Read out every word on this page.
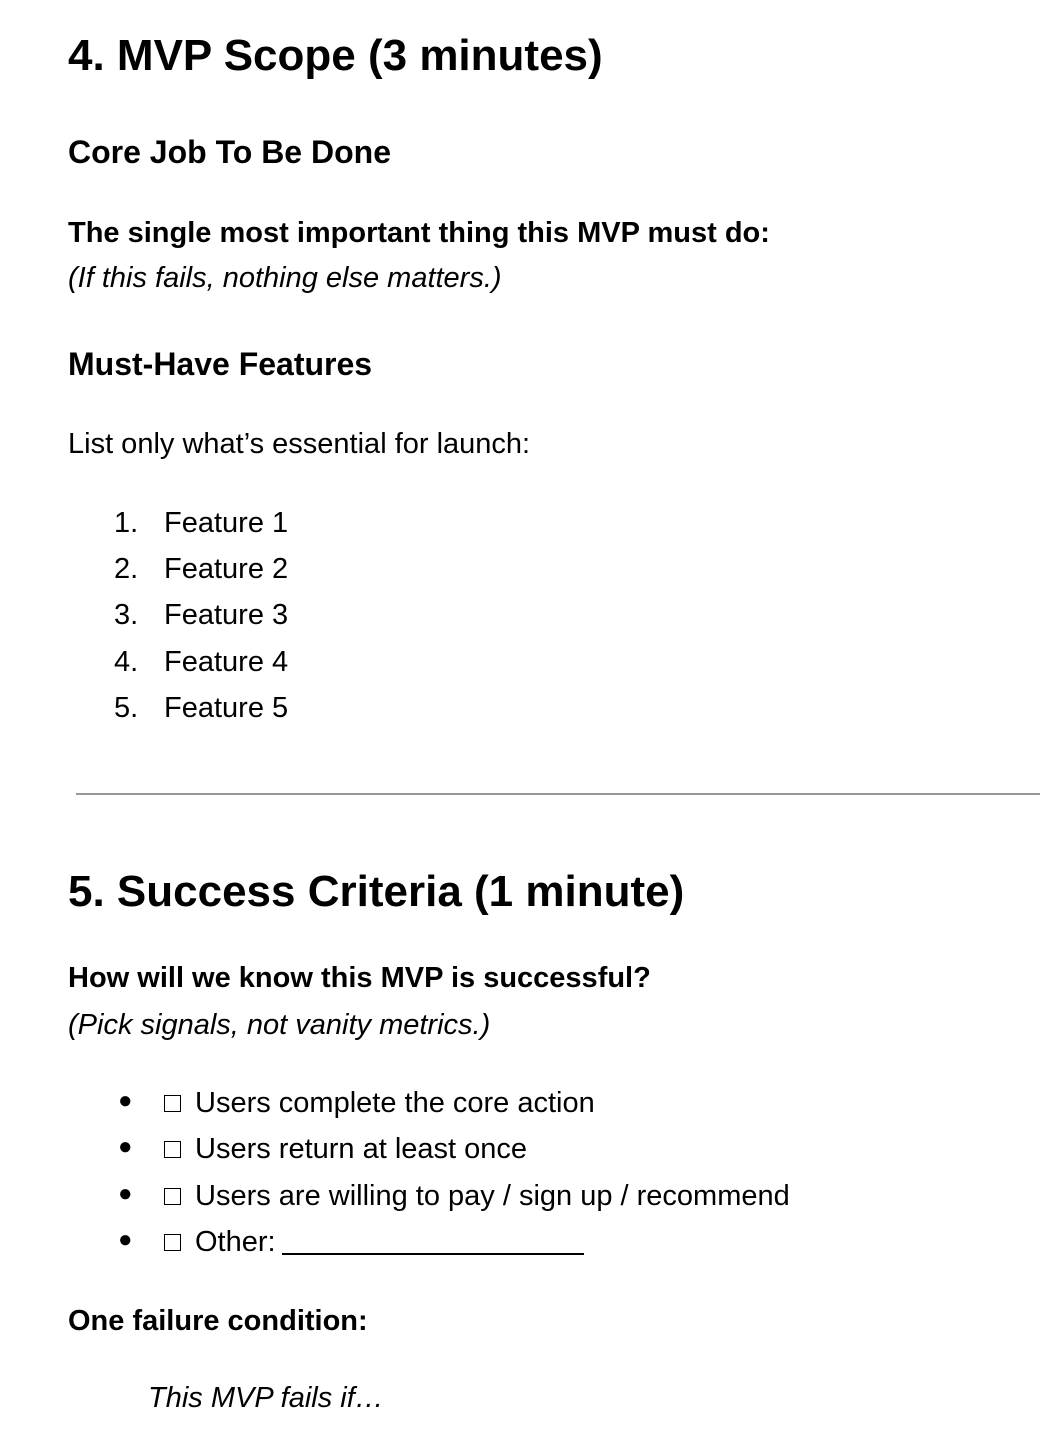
4. MVP Scope (3 minutes)
Core Job To Be Done
The single most important thing this MVP must do:
(If this fails, nothing else matters.)
Must-Have Features
List only what’s essential for launch:
1. Feature 1
2. Feature 2
3. Feature 3
4. Feature 4
5. Feature 5
5. Success Criteria (1 minute)
How will we know this MVP is successful?
(Pick signals, not vanity metrics.)
●	Users complete the core action
●	Users return at least once
●	Users are willing to pay / sign up / recommend
●	Other:
One failure condition:
This MVP fails if…
